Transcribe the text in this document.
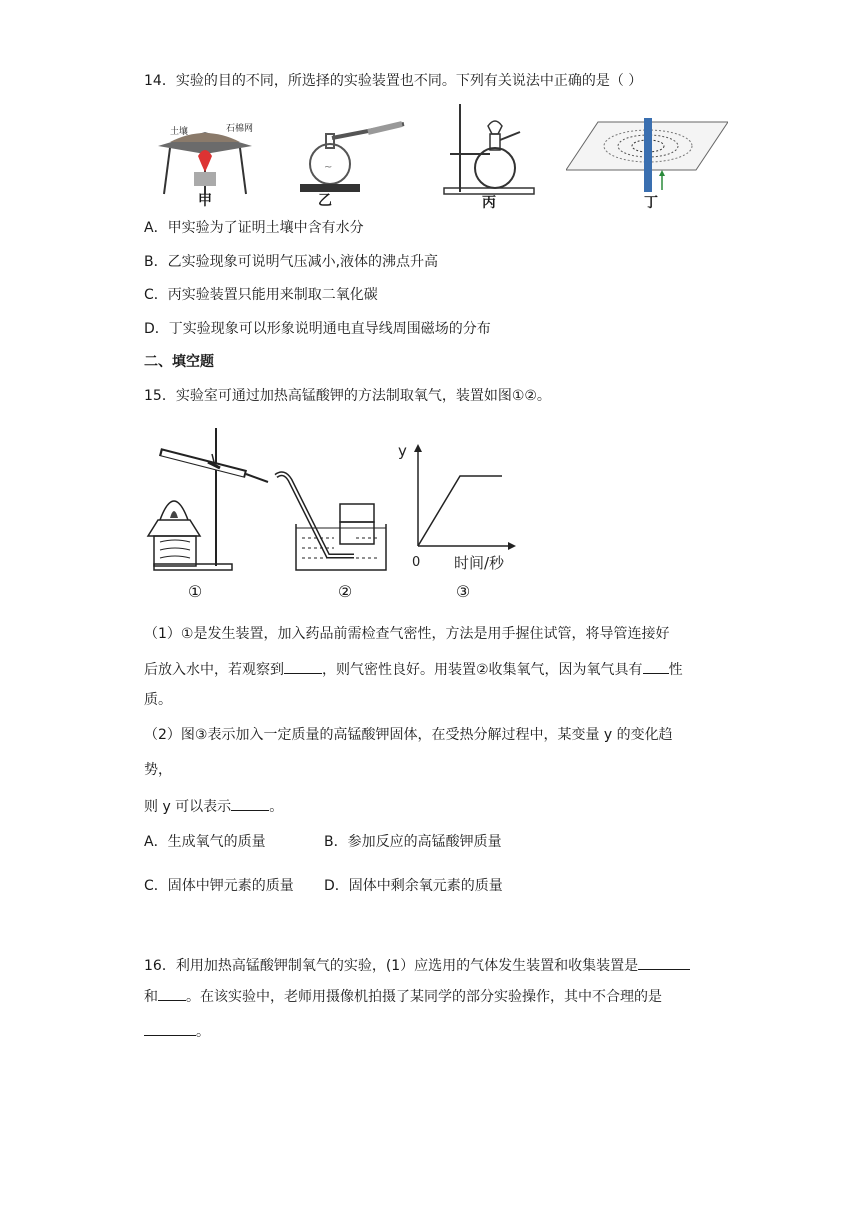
14．实验的目的不同，所选择的实验装置也不同。下列有关说法中正确的是（ ）
土壤	石棉网
甲
~
乙	丙	丁
A．甲实验为了证明土壤中含有水分
B．乙实验现象可说明气压减小,液体的沸点升高
C．丙实验装置只能用来制取二氧化碳
D．丁实验现象可以形象说明通电直导线周围磁场的分布
二、填空题
15．实验室可通过加热高锰酸钾的方法制取氧气，装置如图①②。
y
0 时间/秒
①	②	③
（1）①是发生装置，加入药品前需检查气密性，方法是用手握住试管，将导管连接好
后放入水中，若观察到	，则气密性良好。用装置②收集氧气，因为氧气具有 性
质。
（2）图③表示加入一定质量的高锰酸钾固体，在受热分解过程中，某变量 y 的变化趋
势，
则 y 可以表示	。
A．生成氧气的质量	B．参加反应的高锰酸钾质量
C．固体中钾元素的质量 D．固体中剩余氧元素的质量
16．利用加热高锰酸钾制氧气的实验，(1）应选用的气体发生装置和收集装置是
和 。在该实验中，老师用摄像机拍摄了某同学的部分实验操作，其中不合理的是
。
